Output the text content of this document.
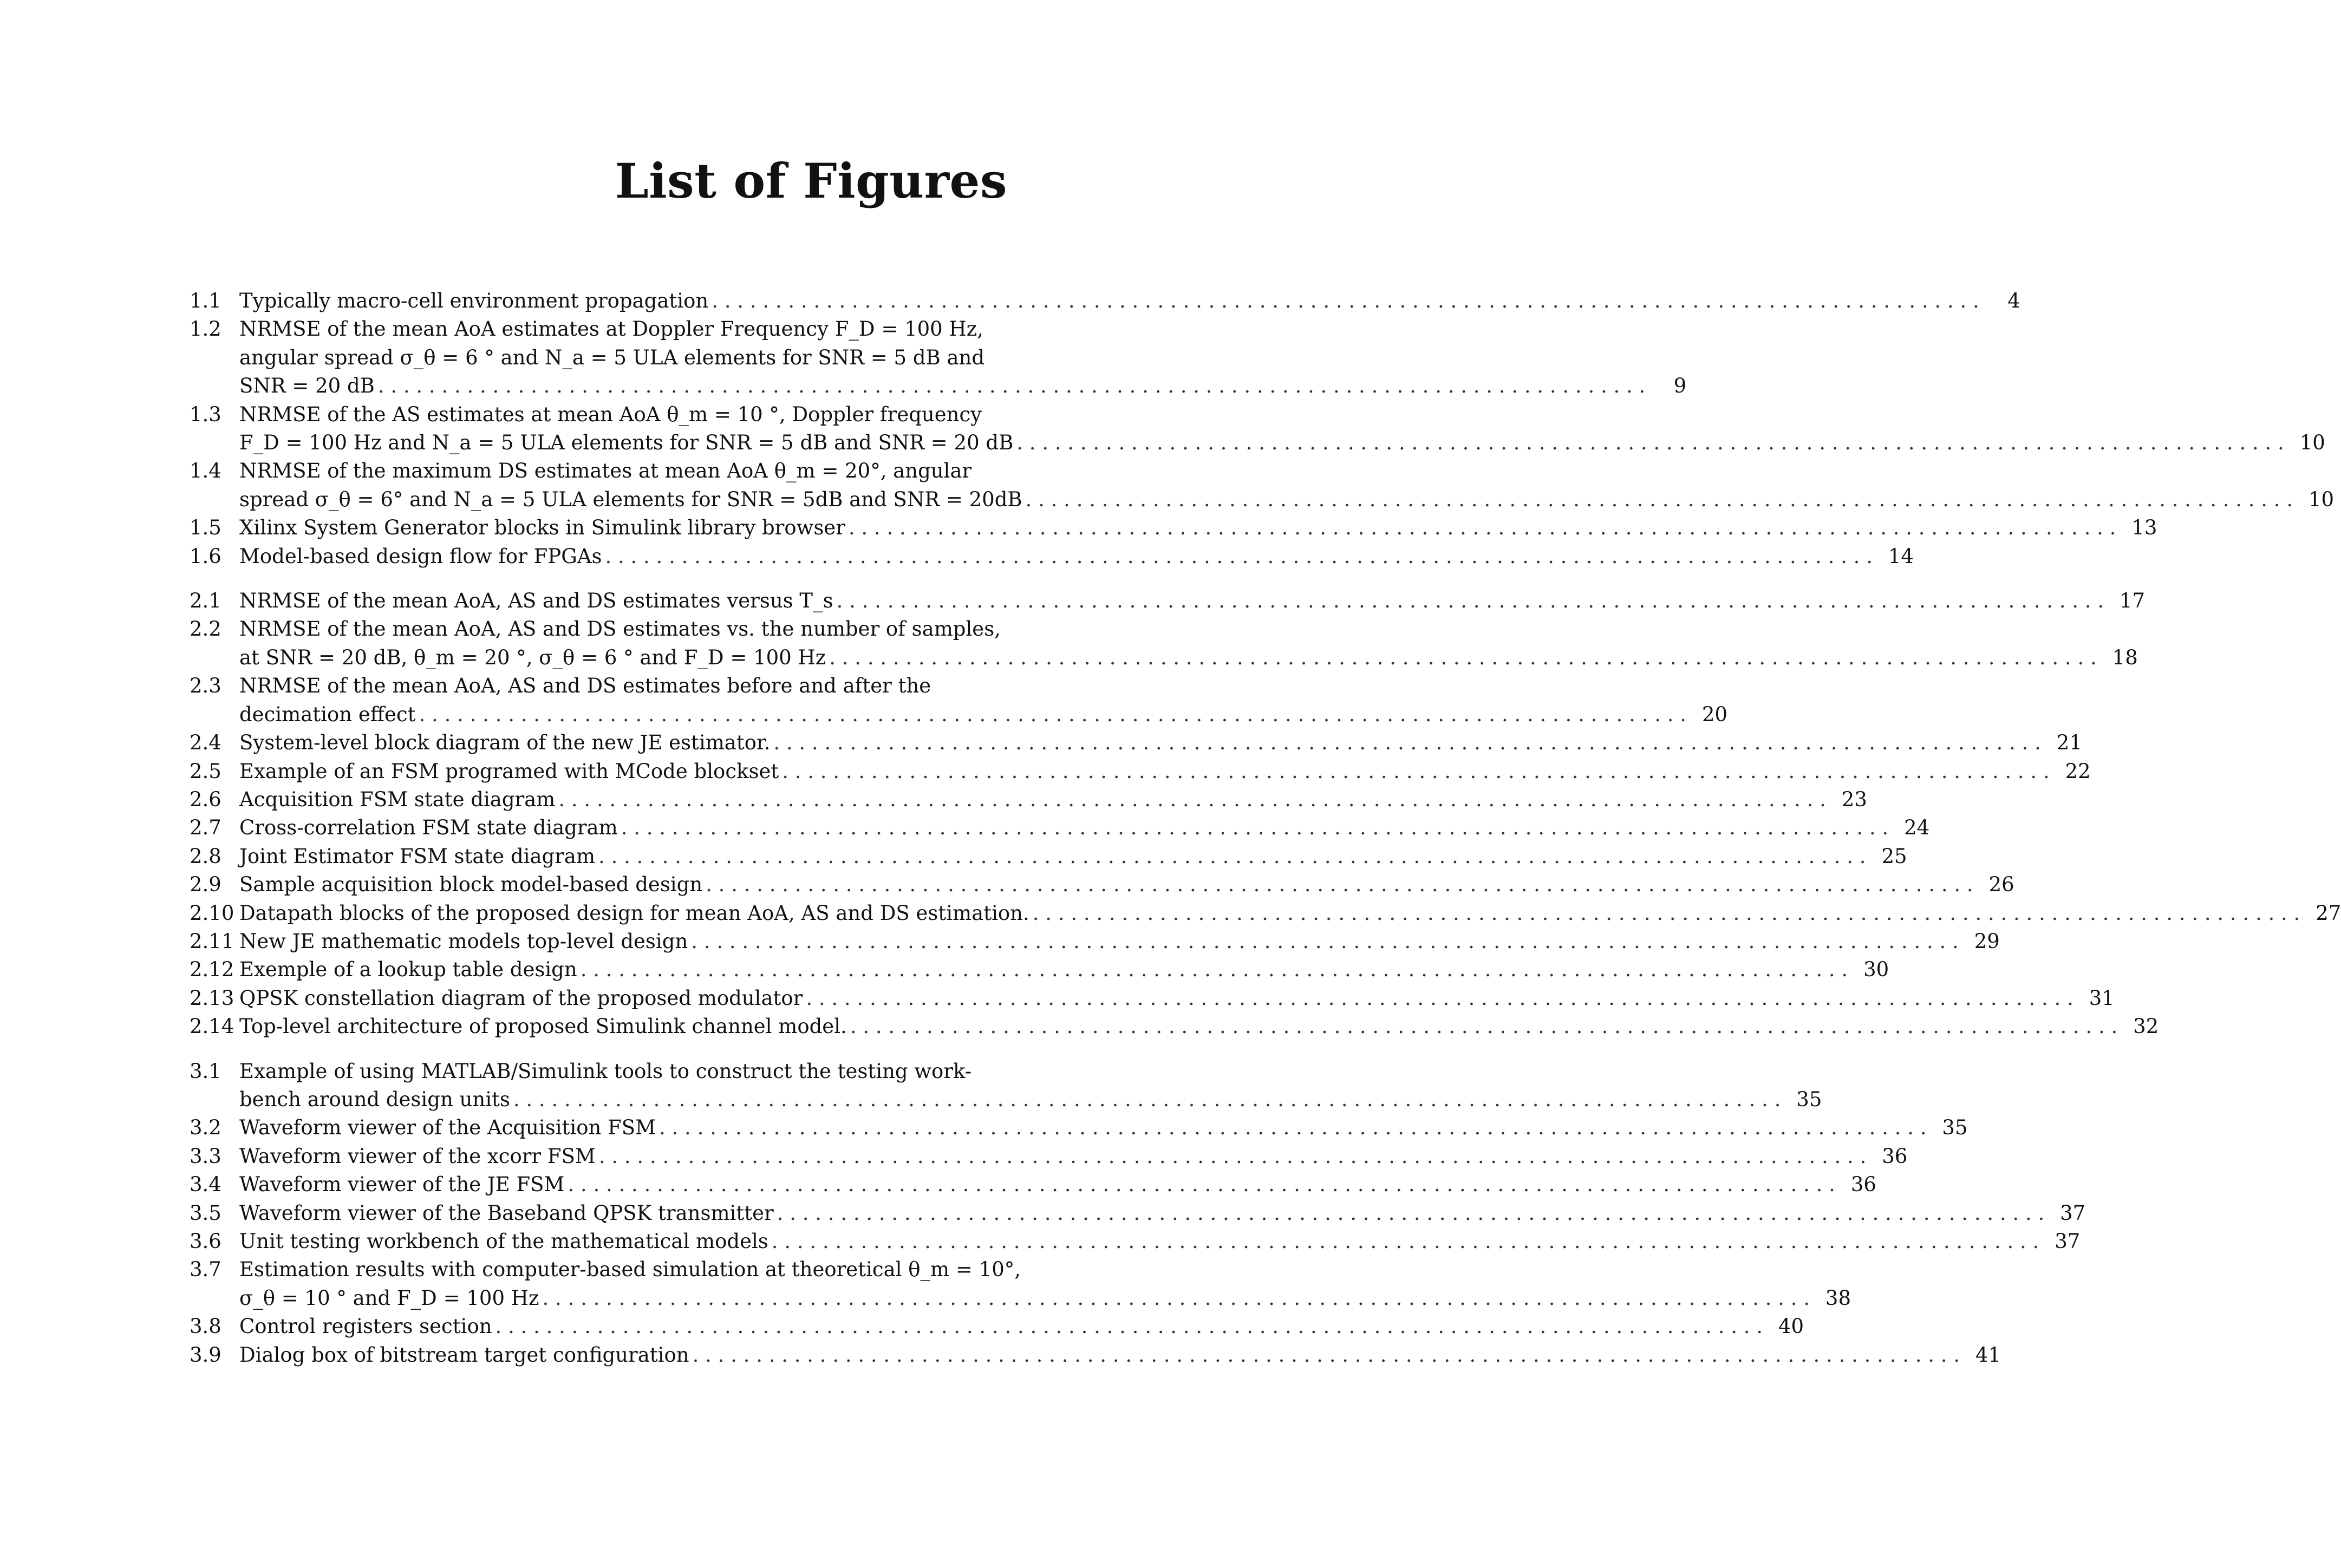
List of Figures
1.1 Typically macro-cell environment propagation . . .	4
1.2 NRMSE of the mean AoA estimates at Doppler Frequency F_D = 100 Hz,
angular spread σ_θ = 6 ° and N_a = 5 ULA elements for SNR = 5 dB and
SNR = 20 dB . . .	9
1.3 NRMSE of the AS estimates at mean AoA θ_m = 10 °, Doppler frequency
F_D = 100 Hz and N_a = 5 ULA elements for SNR = 5 dB and SNR = 20 dB . . .	10
1.4 NRMSE of the maximum DS estimates at mean AoA θ_m = 20°, angular
spread σ_θ = 6° and N_a = 5 ULA elements for SNR = 5dB and SNR = 20dB . . .	10
1.5 Xilinx System Generator blocks in Simulink library browser . . .	13
1.6 Model-based design flow for FPGAs . . .	14
2.1 NRMSE of the mean AoA, AS and DS estimates versus T_s . . .	17
2.2 NRMSE of the mean AoA, AS and DS estimates vs. the number of samples,
at SNR = 20 dB, θ_m = 20 °, σ_θ = 6 ° and F_D = 100 Hz . . .	18
2.3 NRMSE of the mean AoA, AS and DS estimates before and after the
decimation effect . . .	20
2.4 System-level block diagram of the new JE estimator. . . .	21
2.5 Example of an FSM programed with MCode blockset . . .	22
2.6 Acquisition FSM state diagram . . .	23
2.7 Cross-correlation FSM state diagram . . .	24
2.8 Joint Estimator FSM state diagram . . .	25
2.9 Sample acquisition block model-based design . . .	26
2.10 Datapath blocks of the proposed design for mean AoA, AS and DS estimation. . . .	27
2.11 New JE mathematic models top-level design . . .	29
2.12 Exemple of a lookup table design . . .	30
2.13 QPSK constellation diagram of the proposed modulator . . .	31
2.14 Top-level architecture of proposed Simulink channel model. . . .	32
3.1 Example of using MATLAB/Simulink tools to construct the testing work-
bench around design units . . .	35
3.2 Waveform viewer of the Acquisition FSM . . .	35
3.3 Waveform viewer of the xcorr FSM . . .	36
3.4 Waveform viewer of the JE FSM . . .	36
3.5 Waveform viewer of the Baseband QPSK transmitter . . .	37
3.6 Unit testing workbench of the mathematical models . . .	37
3.7 Estimation results with computer-based simulation at theoretical θ_m = 10°,
σ_θ = 10 ° and F_D = 100 Hz . . .	38
3.8 Control registers section . . .	40
3.9 Dialog box of bitstream target configuration . . .	41
